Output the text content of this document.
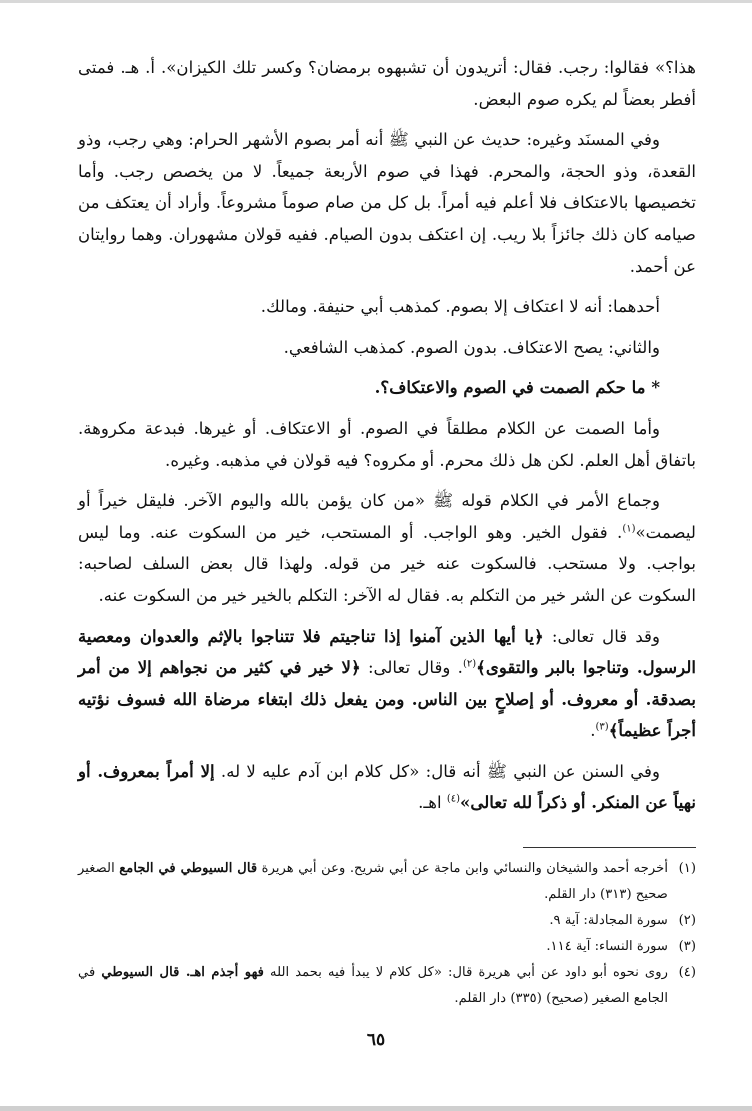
هذا؟» فقالوا: رجب. فقال: أتريدون أن تشبهوه برمضان؟ وكسر تلك الكيزان». أ. هـ. فمتى أفطر بعضاً لم يكره صوم البعض.

وفي المسنَد وغيره: حديث عن النبي ﷺ أنه أمر بصوم الأشهر الحرام: وهي رجب، وذو القعدة، وذو الحجة، والمحرم. فهذا في صوم الأربعة جميعاً. لا من يخصص رجب. وأما تخصيصها بالاعتكاف فلا أعلم فيه أمراً. بل كل من صام صوماً مشروعاً. وأراد أن يعتكف من صيامه كان ذلك جائزاً بلا ريب. إن اعتكف بدون الصيام. ففيه قولان مشهوران. وهما روايتان عن أحمد.

أحدهما: أنه لا اعتكاف إلا بصوم. كمذهب أبي حنيفة. ومالك.

والثاني: يصح الاعتكاف. بدون الصوم. كمذهب الشافعي.

* ما حكم الصمت في الصوم والاعتكاف؟.

وأما الصمت عن الكلام مطلقاً في الصوم. أو الاعتكاف. أو غيرها. فبدعة مكروهة. باتفاق أهل العلم. لكن هل ذلك محرم. أو مكروه؟ فيه قولان في مذهبه. وغيره.

وجماع الأمر في الكلام قوله ﷺ «من كان يؤمن بالله واليوم الآخر. فليقل خيراً أو ليصمت»$^{(١)}$. فقول الخير. وهو الواجب. أو المستحب، خير من السكوت عنه. وما ليس بواجب. ولا مستحب. فالسكوت عنه خير من قوله. ولهذا قال بعض السلف لصاحبه: السكوت عن الشر خير من التكلم به. فقال له الآخر: التكلم بالخير خير من السكوت عنه.

وقد قال تعالى: ﴿يا أيها الذين آمنوا إذا تناجيتم فلا تتناجوا بالإثم والعدوان ومعصية الرسول. وتناجوا بالبر والتقوى﴾$^{(٢)}$. وقال تعالى: ﴿لا خير في كثير من نجواهم إلا من أمر بصدقة. أو معروف. أو إصلاحٍ بين الناس. ومن يفعل ذلك ابتغاء مرضاة الله فسوف نؤتيه أجراً عظيماً﴾$^{(٣)}$.

وفي السنن عن النبي ﷺ أنه قال: «كل كلام ابن آدم عليه لا له. إلا أمراً بمعروف. أو نهياً عن المنكر. أو ذكراً لله تعالى»$^{(٤)}$ اهـ.

(١)
أخرجه أحمد والشيخان والنسائي وابن ماجة عن أبي شريح. وعن أبي هريرة قال السيوطي في الجامع الصغير صحيح (٣١٣) دار القلم.

(٢)
سورة المجادلة: آية ٩.

(٣)
سورة النساء: آية ١١٤.

(٤)
روى نحوه أبو داود عن أبي هريرة قال: «كل كلام لا يبدأ فيه بحمد الله فهو أجذم اهـ. قال السيوطي في الجامع الصغير (صحيح) (٣٣٥) دار القلم.

٦٥
